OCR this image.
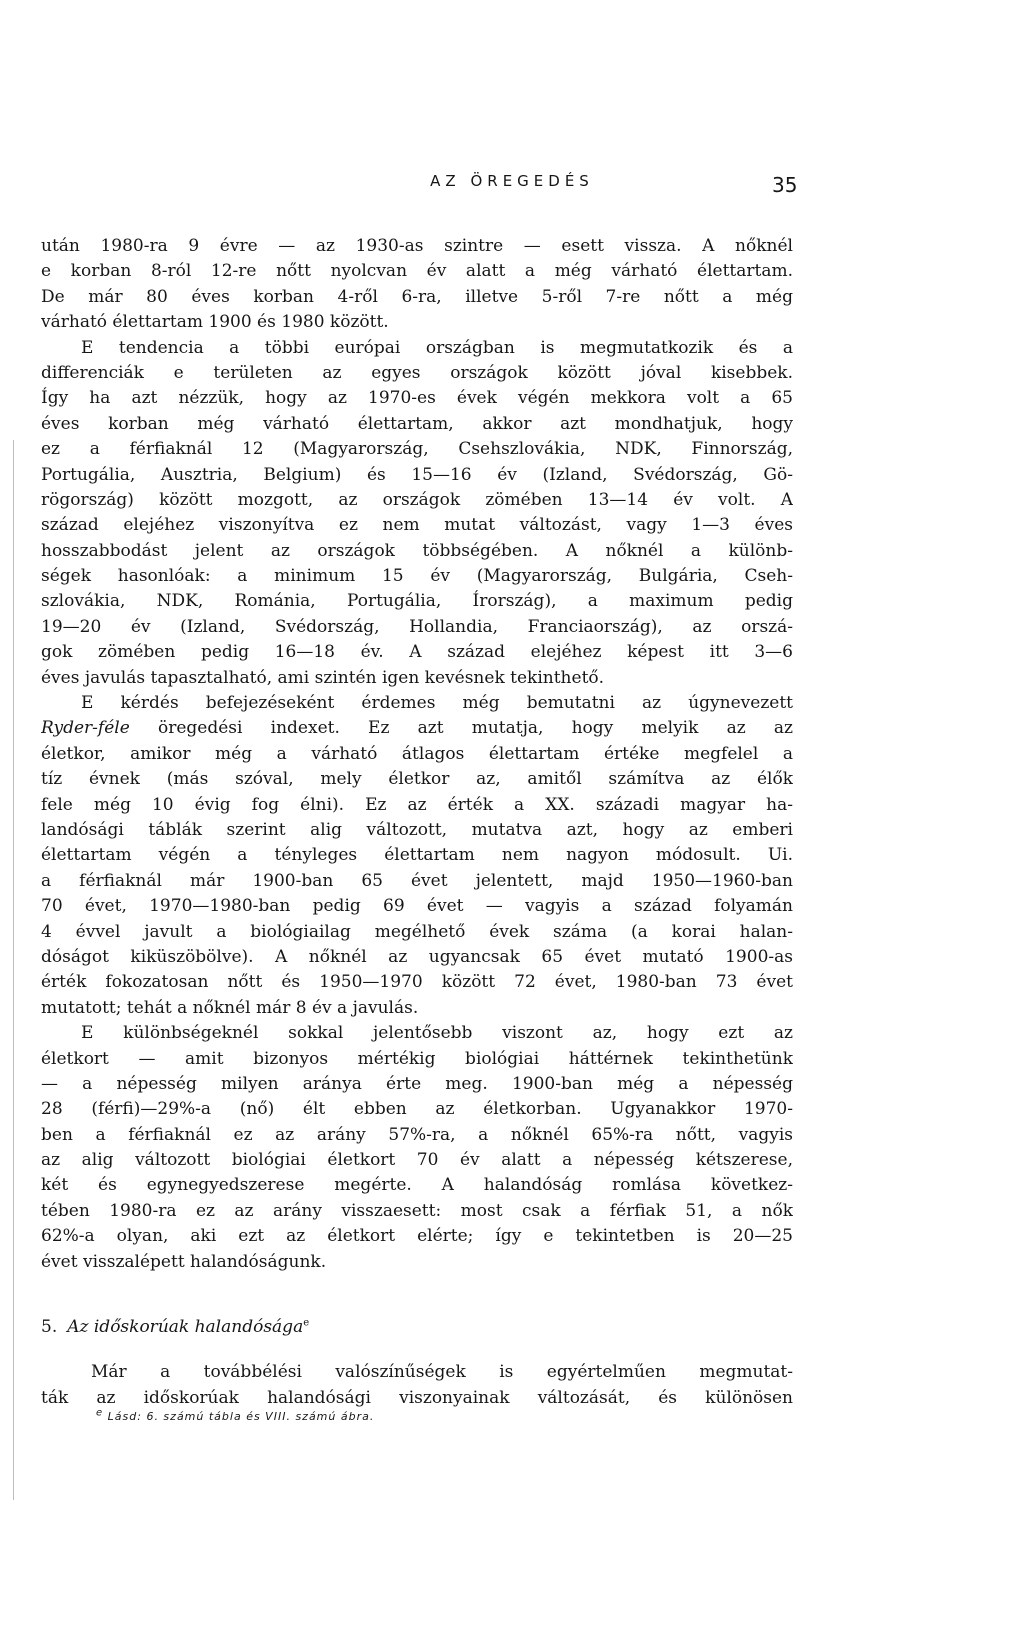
AZ ÖREGEDÉS	35
után 1980-ra 9 évre — az 1930-as szintre — esett vissza. A nőknél
e korban 8-ról 12-re nőtt nyolcvan év alatt a még várható élettartam.
De már 80 éves korban 4-ről 6-ra, illetve 5-ről 7-re nőtt a még
várható élettartam 1900 és 1980 között.
E tendencia a többi európai országban is megmutatkozik és a
differenciák e területen az egyes országok között jóval kisebbek.
Így ha azt nézzük, hogy az 1970-es évek végén mekkora volt a 65
éves korban még várható élettartam, akkor azt mondhatjuk, hogy
ez a férfiaknál 12 (Magyarország, Csehszlovákia, NDK, Finnország,
Portugália, Ausztria, Belgium) és 15—16 év (Izland, Svédország, Gö-
rögország) között mozgott, az országok zömében 13—14 év volt. A
század elejéhez viszonyítva ez nem mutat változást, vagy 1—3 éves
hosszabbodást jelent az országok többségében. A nőknél a különb-
ségek hasonlóak: a minimum 15 év (Magyarország, Bulgária, Cseh-
szlovákia, NDK, Románia, Portugália, Írország), a maximum pedig
19—20 év (Izland, Svédország, Hollandia, Franciaország), az orszá-
gok zömében pedig 16—18 év. A század elejéhez képest itt 3—6
éves javulás tapasztalható, ami szintén igen kevésnek tekinthető.
E kérdés befejezéseként érdemes még bemutatni az úgynevezett
Ryder-féle öregedési indexet. Ez azt mutatja, hogy melyik az az
életkor, amikor még a várható átlagos élettartam értéke megfelel a
tíz évnek (más szóval, mely életkor az, amitől számítva az élők
fele még 10 évig fog élni). Ez az érték a XX. századi magyar ha-
landósági táblák szerint alig változott, mutatva azt, hogy az emberi
élettartam végén a tényleges élettartam nem nagyon módosult. Ui.
a férfiaknál már 1900-ban 65 évet jelentett, majd 1950—1960-ban
70 évet, 1970—1980-ban pedig 69 évet — vagyis a század folyamán
4 évvel javult a biológiailag megélhető évek száma (a korai halan-
dóságot kiküszöbölve). A nőknél az ugyancsak 65 évet mutató 1900-as
érték fokozatosan nőtt és 1950—1970 között 72 évet, 1980-ban 73 évet
mutatott; tehát a nőknél már 8 év a javulás.
E különbségeknél sokkal jelentősebb viszont az, hogy ezt az
életkort — amit bizonyos mértékig biológiai háttérnek tekinthetünk
— a népesség milyen aránya érte meg. 1900-ban még a népesség
28 (férfi)—29%-a (nő) élt ebben az életkorban. Ugyanakkor 1970-
ben a férfiaknál ez az arány 57%-ra, a nőknél 65%-ra nőtt, vagyis
az alig változott biológiai életkort 70 év alatt a népesség kétszerese,
két és egynegyedszerese megérte. A halandóság romlása következ-
tében 1980-ra ez az arány visszaesett: most csak a férfiak 51, a nők
62%-a olyan, aki ezt az életkort elérte; így e tekintetben is 20—25
évet visszalépett halandóságunk.
5. Az időskorúak halandósága$^e$
Már a továbbélési valószínűségek is egyértelműen megmutat-
ták az időskorúak halandósági viszonyainak változását, és különösen
$^e$ Lásd: 6. számú tábla és VIII. számú ábra.
